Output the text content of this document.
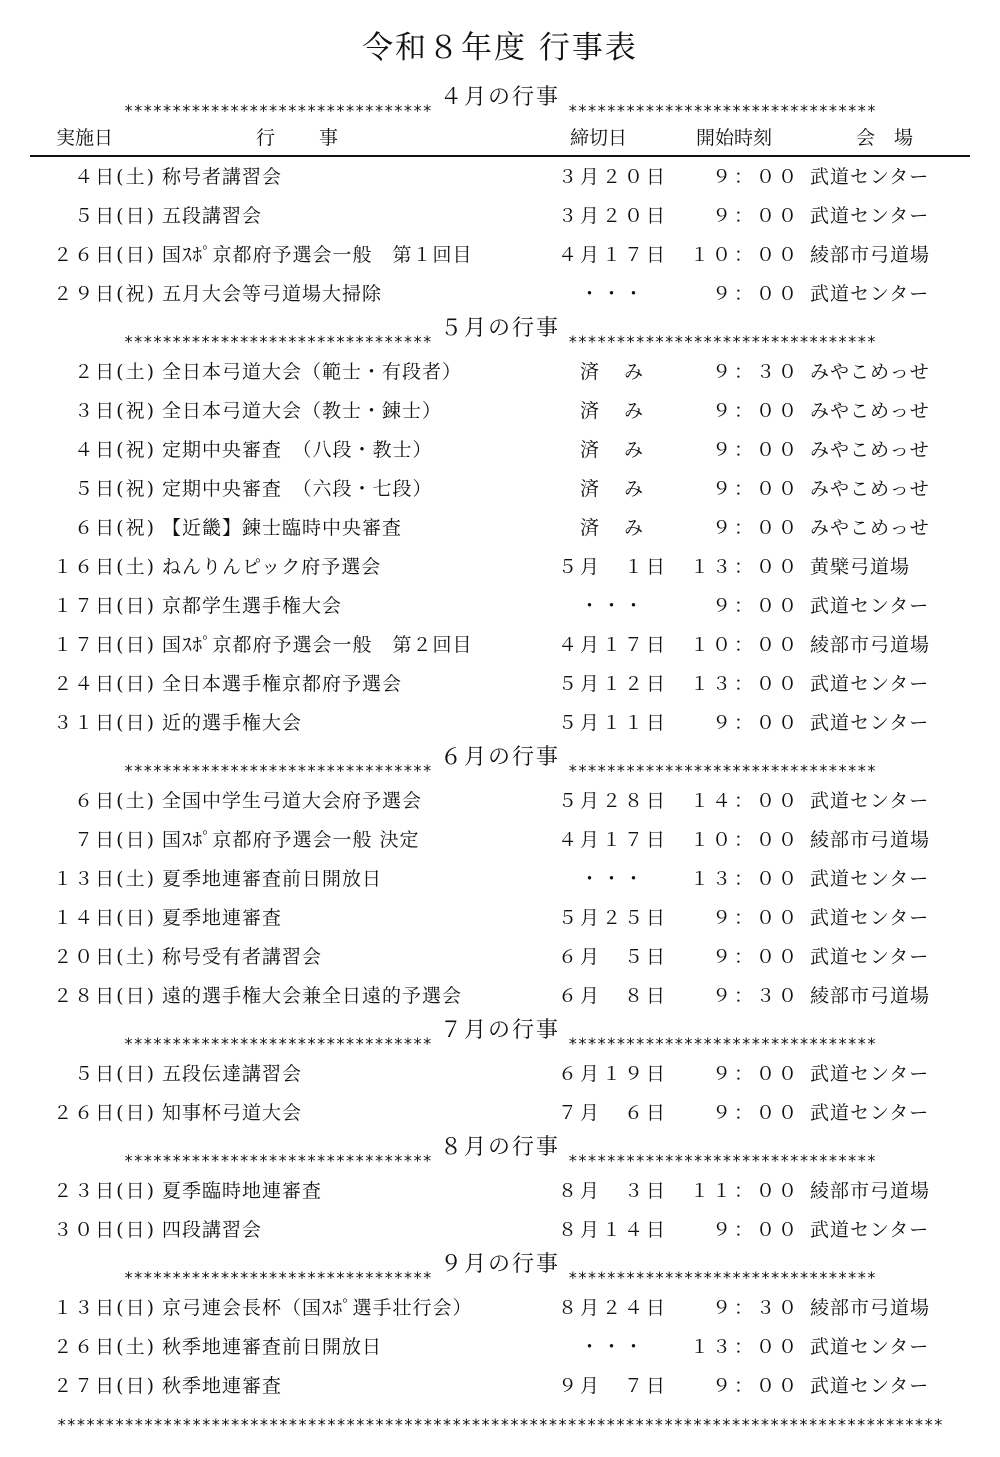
令和８年度 行事表
********************************４月の行事********************************
実施日	行　　事	締切日	開始時刻	会　場
４日(土) 称号者講習会	３月２０日	９：００ 武道センター
５日(日) 五段講習会	３月２０日	９：００ 武道センター
２６日(日) 国ｽﾎﾟ京都府予選会一般　第１回目	４月１７日	１０：００ 綾部市弓道場
２９日(祝) 五月大会等弓道場大掃除	・・・	９：００ 武道センター
********************************５月の行事********************************
２日(土) 全日本弓道大会（範士・有段者）	済　み	９：３０ みやこめっせ
３日(祝) 全日本弓道大会（教士・錬士）	済　み	９：００ みやこめっせ
４日(祝) 定期中央審査　（八段・教士）	済　み	９：００ みやこめっせ
５日(祝) 定期中央審査　（六段・七段）	済　み	９：００ みやこめっせ
６日(祝) 【近畿】錬士臨時中央審査	済　み	９：００ みやこめっせ
１６日(土) ねんりんピック府予選会	５月　１日	１３：００ 黄檗弓道場
１７日(日) 京都学生選手権大会	・・・	９：００ 武道センター
１７日(日) 国ｽﾎﾟ京都府予選会一般　第２回目	４月１７日	１０：００ 綾部市弓道場
２４日(日) 全日本選手権京都府予選会	５月１２日	１３：００ 武道センター
３１日(日) 近的選手権大会	５月１１日	９：００ 武道センター
********************************６月の行事********************************
６日(土) 全国中学生弓道大会府予選会	５月２８日	１４：００ 武道センター
７日(日) 国ｽﾎﾟ京都府予選会一般 決定	４月１７日	１０：００ 綾部市弓道場
１３日(土) 夏季地連審査前日開放日	・・・	１３：００ 武道センター
１４日(日) 夏季地連審査	５月２５日	９：００ 武道センター
２０日(土) 称号受有者講習会	６月　５日	９：００ 武道センター
２８日(日) 遠的選手権大会兼全日遠的予選会	６月　８日	９：３０ 綾部市弓道場
********************************７月の行事********************************
５日(日) 五段伝達講習会	６月１９日	９：００ 武道センター
２６日(日) 知事杯弓道大会	７月　６日	９：００ 武道センター
********************************８月の行事********************************
２３日(日) 夏季臨時地連審査	８月　３日	１１：００ 綾部市弓道場
３０日(日) 四段講習会	８月１４日	９：００ 武道センター
********************************９月の行事********************************
１３日(日) 京弓連会長杯（国ｽﾎﾟ選手壮行会）	８月２４日	９：３０ 綾部市弓道場
２６日(土) 秋季地連審査前日開放日	・・・	１３：００ 武道センター
２７日(日) 秋季地連審査	９月　７日	９：００ 武道センター
********************************************************************************************
